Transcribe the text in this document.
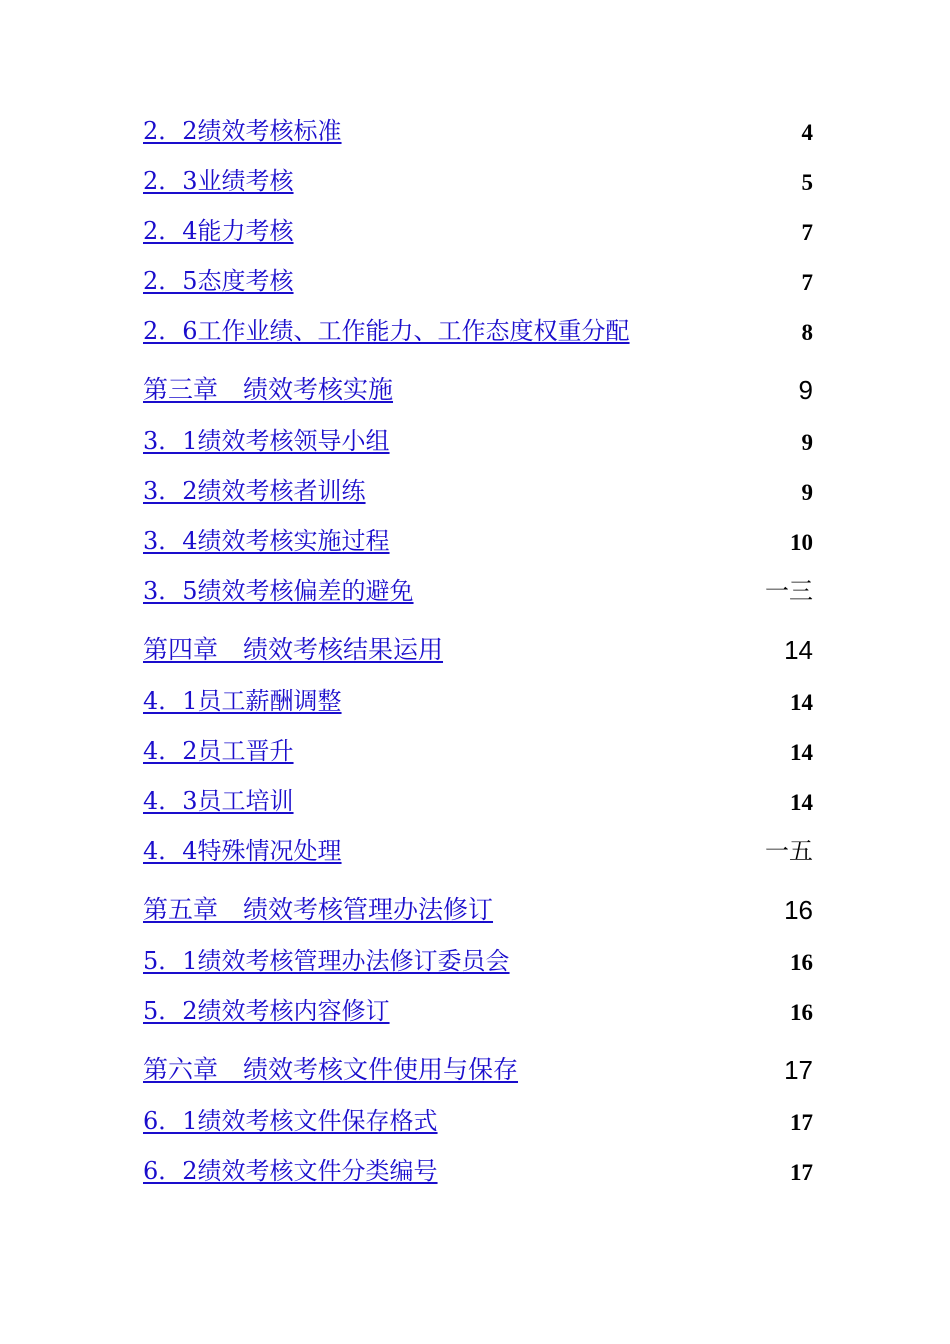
2．2绩效考核标准	4
2．3业绩考核	5
2．4能力考核	7
2．5态度考核	7
2．6工作业绩、工作能力、工作态度权重分配	8
第三章　绩效考核实施	9
3．1绩效考核领导小组	9
3．2绩效考核者训练	9
3．4绩效考核实施过程	10
3．5绩效考核偏差的避免	一三
第四章　绩效考核结果运用	14
4．1员工薪酬调整	14
4．2员工晋升	14
4．3员工培训	14
4．4特殊情况处理	一五
第五章　绩效考核管理办法修订	16
5．1绩效考核管理办法修订委员会	16
5．2绩效考核内容修订	16
第六章　绩效考核文件使用与保存	17
6．1绩效考核文件保存格式	17
6．2绩效考核文件分类编号	17
